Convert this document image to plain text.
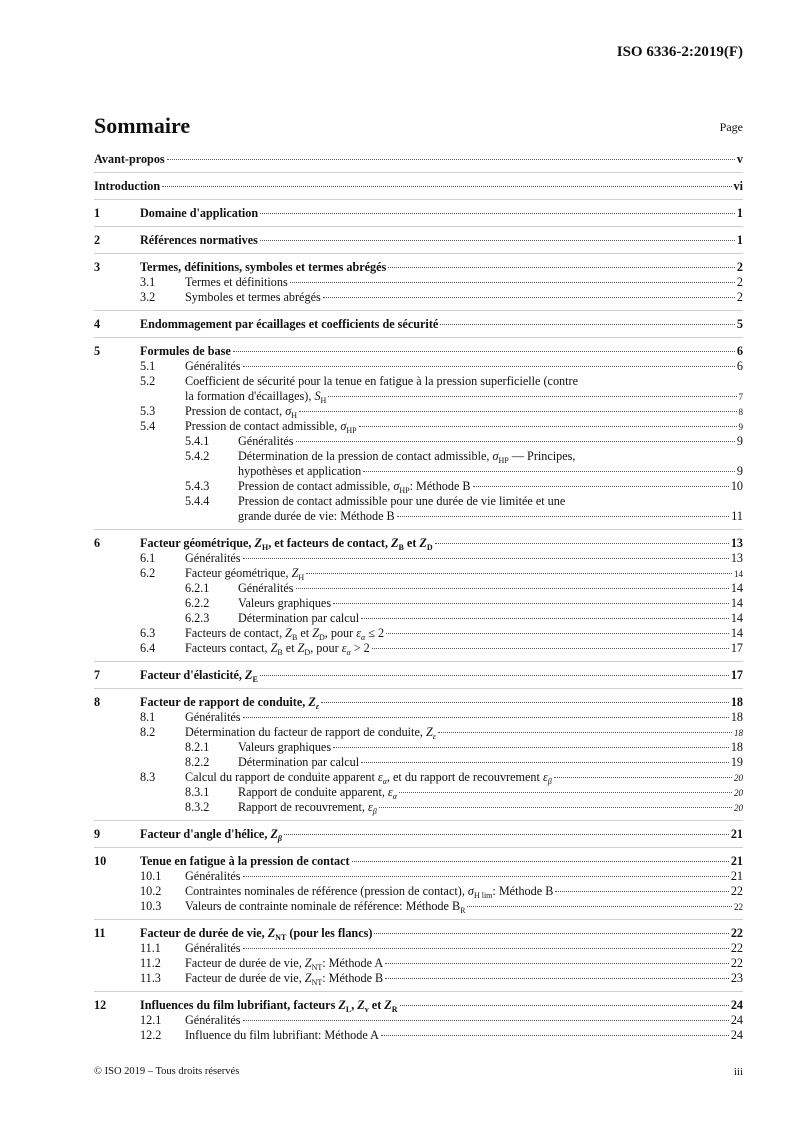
ISO 6336-2:2019(F)
Sommaire	Page
Avant-propos	v
Introduction	vi
1	Domaine d'application	1
2	Références normatives	1
3	Termes, définitions, symboles et termes abrégés	2
3.1 Termes et définitions	2
3.2 Symboles et termes abrégés	2
4	Endommagement par écaillages et coefficients de sécurité	5
5	Formules de base	6
5.1 Généralités	6
5.2 Coefficient de sécurité pour la tenue en fatigue à la pression superficielle (contre
la formation d'écaillages), $S_H$	7
5.3 Pression de contact, $\sigma_H$	8
5.4 Pression de contact admissible, $\sigma_{HP}$	9
5.4.1 Généralités	9
5.4.2 Détermination de la pression de contact admissible, $\sigma_{HP}$ — Principes,
hypothèses et application	9
5.4.3 Pression de contact admissible, $\sigma_{HP}$: Méthode B	10
5.4.4 Pression de contact admissible pour une durée de vie limitée et une
grande durée de vie: Méthode B	11
6	Facteur géométrique, $Z_H$, et facteurs de contact, $Z_B$ et $Z_D$	13
6.1 Généralités	13
6.2 Facteur géométrique, $Z_H$	14
6.2.1 Généralités	14
6.2.2 Valeurs graphiques	14
6.2.3 Détermination par calcul	14
6.3 Facteurs de contact, $Z_B$ et $Z_D$, pour $\varepsilon_\alpha \le 2$	14
6.4 Facteurs contact, $Z_B$ et $Z_D$, pour $\varepsilon_\alpha > 2$	17
7	Facteur d'élasticité, $Z_E$	17
8	Facteur de rapport de conduite, $Z_\varepsilon$	18
8.1 Généralités	18
8.2 Détermination du facteur de rapport de conduite, $Z_\varepsilon$	18
8.2.1 Valeurs graphiques	18
8.2.2 Détermination par calcul	19
8.3 Calcul du rapport de conduite apparent $\varepsilon_\alpha$, et du rapport de recouvrement $\varepsilon_\beta$	20
8.3.1 Rapport de conduite apparent, $\varepsilon_\alpha$	20
8.3.2 Rapport de recouvrement, $\varepsilon_\beta$	20
9	Facteur d'angle d'hélice, $Z_\beta$	21
10	Tenue en fatigue à la pression de contact	21
10.1 Généralités	21
10.2 Contraintes nominales de référence (pression de contact), $\sigma_{H lim}$: Méthode B	22
10.3 Valeurs de contrainte nominale de référence: Méthode $B_R$	22
11	Facteur de durée de vie, $Z_{NT}$ (pour les flancs)	22
11.1 Généralités	22
11.2 Facteur de durée de vie, $Z_{NT}$: Méthode A	22
11.3 Facteur de durée de vie, $Z_{NT}$: Méthode B	23
12	Influences du film lubrifiant, facteurs $Z_L$, $Z_v$ et $Z_R$	24
12.1 Généralités	24
12.2 Influence du film lubrifiant: Méthode A	24
© ISO 2019 – Tous droits réservés	iii
